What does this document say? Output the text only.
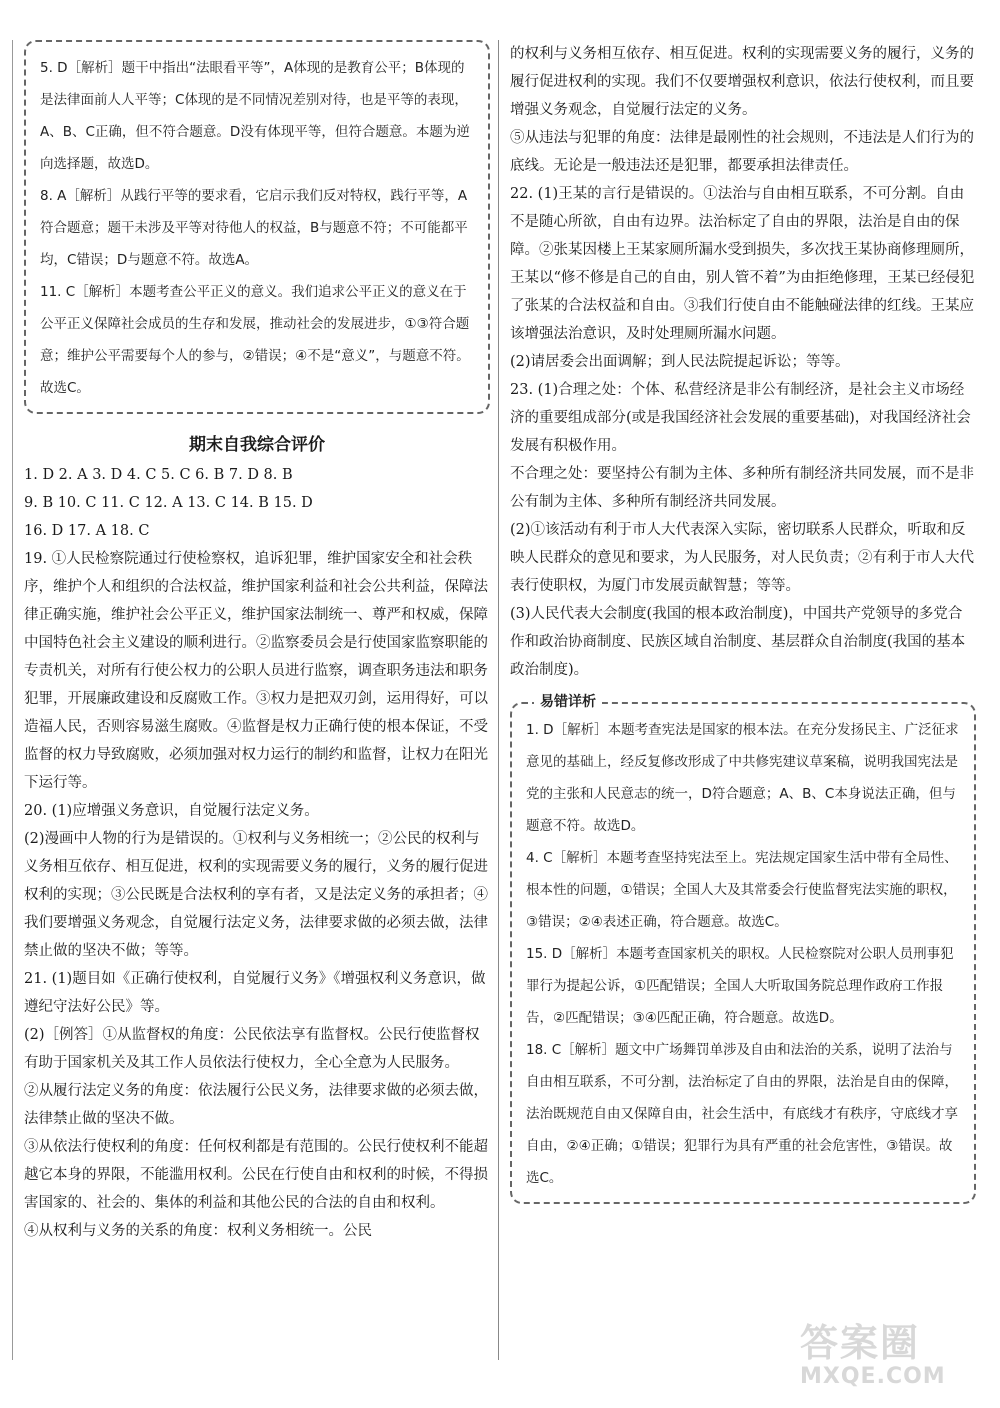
5. D［解析］题干中指出“法眼看平等”，A体现的是教育公平；B体现的是法律面前人人平等；C体现的是不同情况差别对待，也是平等的表现，A、B、C正确，但不符合题意。D没有体现平等，但符合题意。本题为逆向选择题，故选D。

8. A［解析］从践行平等的要求看，它启示我们反对特权，践行平等，A符合题意；题干未涉及平等对待他人的权益，B与题意不符；不可能都平均，C错误；D与题意不符。故选A。

11. C［解析］本题考查公平正义的意义。我们追求公平正义的意义在于公平正义保障社会成员的生存和发展，推动社会的发展进步，①③符合题意；维护公平需要每个人的参与，②错误；④不是“意义”，与题意不符。故选C。

期末自我综合评价
1. D 2. A 3. D 4. C 5. C 6. B 7. D 8. B
9. B 10. C 11. C 12. A 13. C 14. B 15. D
16. D 17. A 18. C

19. ①人民检察院通过行使检察权，追诉犯罪，维护国家安全和社会秩序，维护个人和组织的合法权益，维护国家利益和社会公共利益，保障法律正确实施，维护社会公平正义，维护国家法制统一、尊严和权威，保障中国特色社会主义建设的顺利进行。②监察委员会是行使国家监察职能的专责机关，对所有行使公权力的公职人员进行监察，调查职务违法和职务犯罪，开展廉政建设和反腐败工作。③权力是把双刃剑，运用得好，可以造福人民，否则容易滋生腐败。④监督是权力正确行使的根本保证，不受监督的权力导致腐败，必须加强对权力运行的制约和监督，让权力在阳光下运行等。

20. (1)应增强义务意识，自觉履行法定义务。

(2)漫画中人物的行为是错误的。①权利与义务相统一；②公民的权利与义务相互依存、相互促进，权利的实现需要义务的履行，义务的履行促进权利的实现；③公民既是合法权利的享有者，又是法定义务的承担者；④我们要增强义务观念，自觉履行法定义务，法律要求做的必须去做，法律禁止做的坚决不做；等等。

21. (1)题目如《正确行使权利，自觉履行义务》《增强权利义务意识，做遵纪守法好公民》等。

(2)［例答］①从监督权的角度：公民依法享有监督权。公民行使监督权有助于国家机关及其工作人员依法行使权力，全心全意为人民服务。

②从履行法定义务的角度：依法履行公民义务，法律要求做的必须去做，法律禁止做的坚决不做。

③从依法行使权利的角度：任何权利都是有范围的。公民行使权利不能超越它本身的界限，不能滥用权利。公民在行使自由和权利的时候，不得损害国家的、社会的、集体的利益和其他公民的合法的自由和权利。

④从权利与义务的关系的角度：权利义务相统一。公民

的权利与义务相互依存、相互促进。权利的实现需要义务的履行，义务的履行促进权利的实现。我们不仅要增强权利意识，依法行使权利，而且要增强义务观念，自觉履行法定的义务。

⑤从违法与犯罪的角度：法律是最刚性的社会规则，不违法是人们行为的底线。无论是一般违法还是犯罪，都要承担法律责任。

22. (1)王某的言行是错误的。①法治与自由相互联系，不可分割。自由不是随心所欲，自由有边界。法治标定了自由的界限，法治是自由的保障。②张某因楼上王某家厕所漏水受到损失，多次找王某协商修理厕所，王某以“修不修是自己的自由，别人管不着”为由拒绝修理，王某已经侵犯了张某的合法权益和自由。③我们行使自由不能触碰法律的红线。王某应该增强法治意识，及时处理厕所漏水问题。

(2)请居委会出面调解；到人民法院提起诉讼；等等。

23. (1)合理之处：个体、私营经济是非公有制经济，是社会主义市场经济的重要组成部分(或是我国经济社会发展的重要基础)，对我国经济社会发展有积极作用。

不合理之处：要坚持公有制为主体、多种所有制经济共同发展，而不是非公有制为主体、多种所有制经济共同发展。

(2)①该活动有利于市人大代表深入实际，密切联系人民群众，听取和反映人民群众的意见和要求，为人民服务，对人民负责；②有利于市人大代表行使职权，为厦门市发展贡献智慧；等等。

(3)人民代表大会制度(我国的根本政治制度)，中国共产党领导的多党合作和政治协商制度、民族区域自治制度、基层群众自治制度(我国的基本政治制度)。

易错详析

1. D［解析］本题考查宪法是国家的根本法。在充分发扬民主、广泛征求意见的基础上，经反复修改形成了中共修宪建议草案稿，说明我国宪法是党的主张和人民意志的统一，D符合题意；A、B、C本身说法正确，但与题意不符。故选D。

4. C［解析］本题考查坚持宪法至上。宪法规定国家生活中带有全局性、根本性的问题，①错误；全国人大及其常委会行使监督宪法实施的职权，③错误；②④表述正确，符合题意。故选C。

15. D［解析］本题考查国家机关的职权。人民检察院对公职人员刑事犯罪行为提起公诉，①匹配错误；全国人大听取国务院总理作政府工作报告，②匹配错误；③④匹配正确，符合题意。故选D。

18. C［解析］题文中广场舞罚单涉及自由和法治的关系，说明了法治与自由相互联系，不可分割，法治标定了自由的界限，法治是自由的保障，法治既规范自由又保障自由，社会生活中，有底线才有秩序，守底线才享自由，②④正确；①错误；犯罪行为具有严重的社会危害性，③错误。故选C。

答案圈
MXQE.COM
